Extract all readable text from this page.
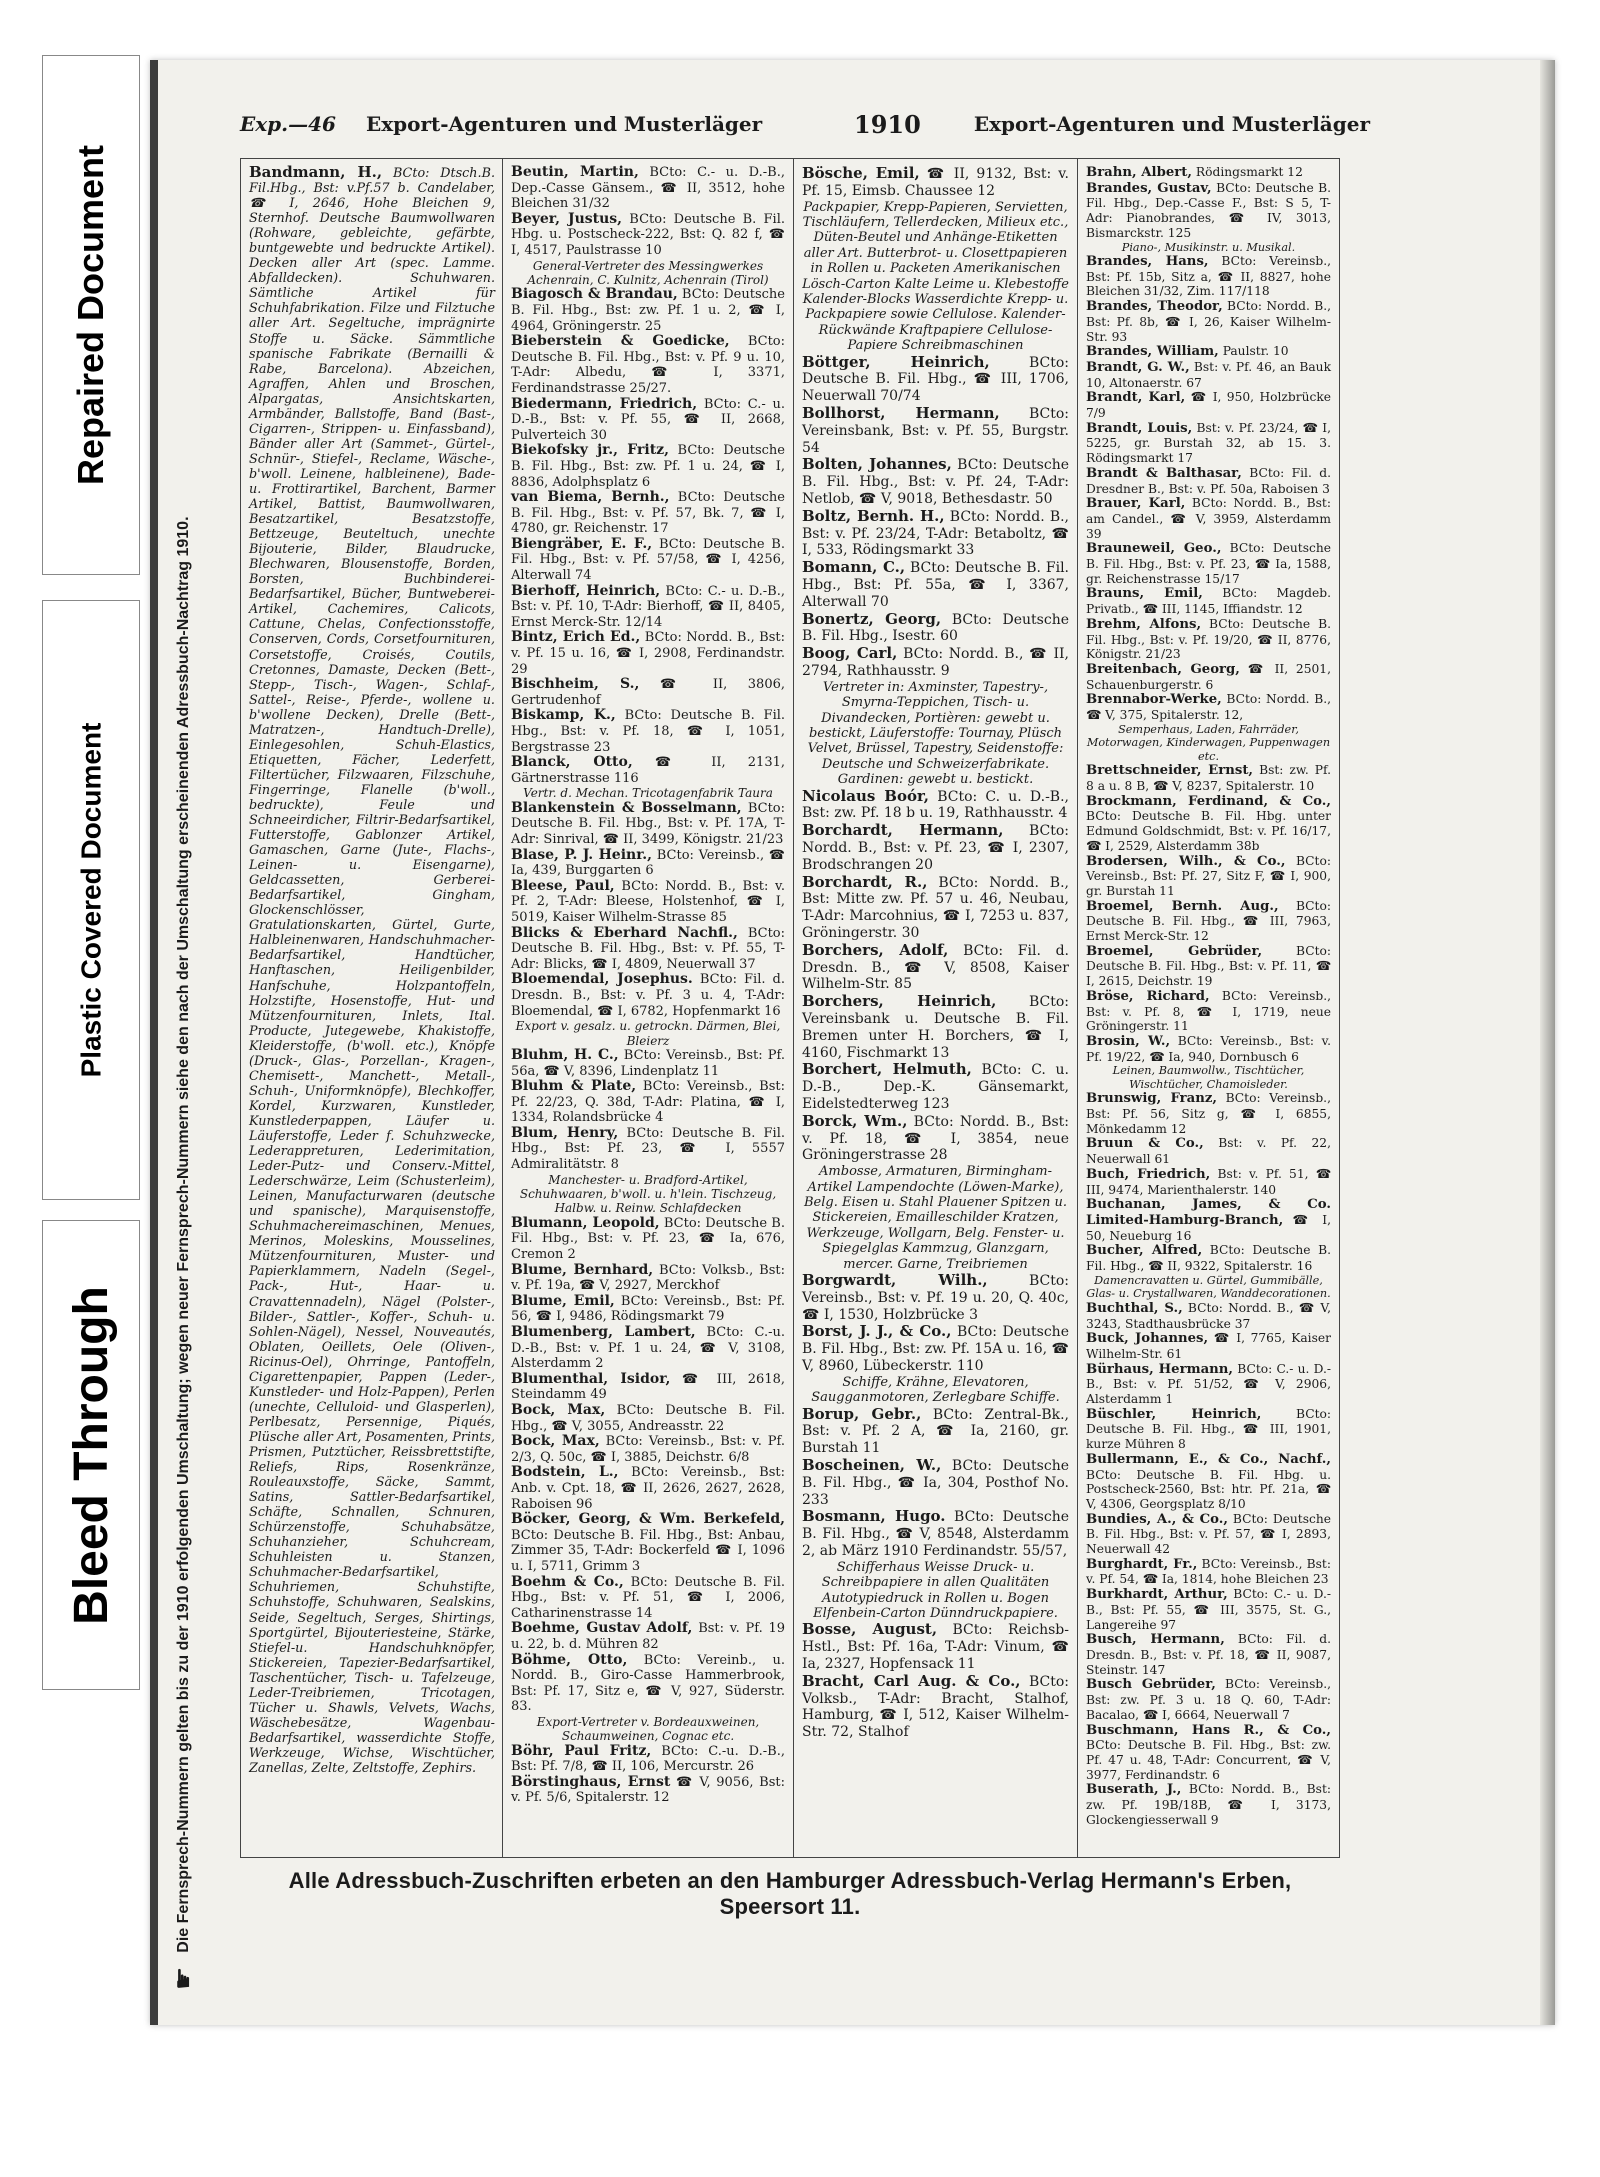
Repaired Document
Plastic Covered Document
Bleed Through
☛
Die Fernsprech-Nummern gelten bis zu der 1910 erfolgenden Umschaltung; wegen neuer Fernsprech-Nummern siehe den nach der Umschaltung erscheinenden Adressbuch-Nachtrag 1910.
Exp.—46 Export-Agenturen und Musterläger	1910	Export-Agenturen und Musterläger
Bandmann, H., BCto: Dtsch.B. Fil.Hbg., Bst: v.Pf.57 b. Candelaber, ☎ I, 2646, Hohe Bleichen 9, Sternhof. Deutsche Baumwollwaren (Rohware, gebleichte, gefärbte, buntgewebte und bedruckte Artikel). Decken aller Art (spec. Lamme. Abfalldecken). Schuhwaren. Sämtliche Artikel für Schuhfabrikation. Filze und Filztuche aller Art. Segeltuche, imprägnirte Stoffe u. Säcke. Sämmtliche spanische Fabrikate (Bernailli & Rabe, Barcelona). Abzeichen, Agraffen, Ahlen und Broschen, Alpargatas, Ansichtskarten, Armbänder, Ballstoffe, Band (Bast-, Cigarren-, Strippen- u. Einfassband), Bänder aller Art (Sammet-, Gürtel-, Schnür-, Stiefel-, Reclame, Wäsche-, b'woll. Leinene, halbleinene), Bade- u. Frottirartikel, Barchent, Barmer Artikel, Battist, Baumwollwaren, Besatzartikel, Besatzstoffe, Bettzeuge, Beuteltuch, unechte Bijouterie, Bilder, Blaudrucke, Blechwaren, Blousenstoffe, Borden, Borsten, Buchbinderei-Bedarfsartikel, Bücher, Buntweberei-Artikel, Cachemires, Calicots, Cattune, Chelas, Confectionsstoffe, Conserven, Cords, Corsetfournituren, Corsetstoffe, Croisés, Coutils, Cretonnes, Damaste, Decken (Bett-, Stepp-, Tisch-, Wagen-, Schlaf-, Sattel-, Reise-, Pferde-, wollene u. b'wollene Decken), Drelle (Bett-, Matratzen-, Handtuch-Drelle), Einlegesohlen, Schuh-Elastics, Etiquetten, Fächer, Lederfett, Filtertücher, Filzwaaren, Filzschuhe, Fingerringe, Flanelle (b'woll., bedruckte), Feule und Schneeirdicher, Filtrir-Bedarfsartikel, Futterstoffe, Gablonzer Artikel, Gamaschen, Garne (Jute-, Flachs-, Leinen- u. Eisengarne), Geldcassetten, Gerberei-Bedarfsartikel, Gingham, Glockenschlösser, Gratulationskarten, Gürtel, Gurte, Halbleinenwaren, Handschuhmacher-Bedarfsartikel, Handtücher, Hanftaschen, Heiligenbilder, Hanfschuhe, Holzpantoffeln, Holzstifte, Hosenstoffe, Hut- und Mützenfournituren, Inlets, Ital. Producte, Jutegewebe, Khakistoffe, Kleiderstoffe, (b'woll. etc.), Knöpfe (Druck-, Glas-, Porzellan-, Kragen-, Chemisett-, Manchett-, Metall-, Schuh-, Uniformknöpfe), Blechkoffer, Kordel, Kurzwaren, Kunstleder, Kunstlederpappen, Läufer u. Läuferstoffe, Leder f. Schuhzwecke, Lederappreturen, Lederimitation, Leder-Putz- und Conserv.-Mittel, Lederschwärze, Leim (Schusterleim), Leinen, Manufacturwaren (deutsche und spanische), Marquisenstoffe, Schuhmachereimaschinen, Menues, Merinos, Moleskins, Mousselines, Mützenfournituren, Muster- und Papierklammern, Nadeln (Segel-, Pack-, Hut-, Haar- u. Cravattennadeln), Nägel (Polster-, Bilder-, Sattler-, Koffer-, Schuh- u. Sohlen-Nägel), Nessel, Nouveautés, Oblaten, Oeillets, Oele (Oliven-, Ricinus-Oel), Ohrringe, Pantoffeln, Cigarettenpapier, Pappen (Leder-, Kunstleder- und Holz-Pappen), Perlen (unechte, Celluloid- und Glasperlen), Perlbesatz, Persennige, Piqués, Plüsche aller Art, Posamenten, Prints, Prismen, Putztücher, Reissbrettstifte, Reliefs, Rips, Rosenkränze, Rouleauxstoffe, Säcke, Sammt, Satins, Sattler-Bedarfsartikel, Schäfte, Schnallen, Schnuren, Schürzenstoffe, Schuhabsätze, Schuhanzieher, Schuhcream, Schuhleisten u. Stanzen, Schuhmacher-Bedarfsartikel, Schuhriemen, Schuhstifte, Schuhstoffe, Schuhwaren, Sealskins, Seide, Segeltuch, Serges, Shirtings, Sportgürtel, Bijouteriesteine, Stärke, Stiefel-u. Handschuhknöpfer, Stickereien, Tapezier-Bedarfsartikel, Taschentücher, Tisch- u. Tafelzeuge, Leder-Treibriemen, Tricotagen, Tücher u. Shawls, Velvets, Wachs, Wäschebesätze, Wagenbau-Bedarfsartikel, wasserdichte Stoffe, Werkzeuge, Wichse, Wischtücher, Zanellas, Zelte, Zeltstoffe, Zephirs.
Beutin, Martin, BCto: C.- u. D.-B., Dep.-Casse Gänsem., ☎ II, 3512, hohe Bleichen 31/32
Beyer, Justus, BCto: Deutsche B. Fil. Hbg. u. Postscheck-222, Bst: Q. 82 f, ☎ I, 4517, Paulstrasse 10
General-Vertreter des Messingwerkes Achenrain, C. Kulnitz, Achenrain (Tirol)
Biagosch & Brandau, BCto: Deutsche B. Fil. Hbg., Bst: zw. Pf. 1 u. 2, ☎ I, 4964, Gröningerstr. 25
Bieberstein & Goedicke, BCto: Deutsche B. Fil. Hbg., Bst: v. Pf. 9 u. 10, T-Adr: Albedu, ☎ I, 3371, Ferdinandstrasse 25/27.
Biedermann, Friedrich, BCto: C.- u. D.-B., Bst: v. Pf. 55, ☎ II, 2668, Pulverteich 30
Biekofsky jr., Fritz, BCto: Deutsche B. Fil. Hbg., Bst: zw. Pf. 1 u. 24, ☎ I, 8836, Adolphsplatz 6
van Biema, Bernh., BCto: Deutsche B. Fil. Hbg., Bst: v. Pf. 57, Bk. 7, ☎ I, 4780, gr. Reichenstr. 17
Biengräber, E. F., BCto: Deutsche B. Fil. Hbg., Bst: v. Pf. 57/58, ☎ I, 4256, Alterwall 74
Bierhoff, Heinrich, BCto: C.- u. D.-B., Bst: v. Pf. 10, T-Adr: Bierhoff, ☎ II, 8405, Ernst Merck-Str. 12/14
Bintz, Erich Ed., BCto: Nordd. B., Bst: v. Pf. 15 u. 16, ☎ I, 2908, Ferdinandstr. 29
Bischheim, S., ☎ II, 3806, Gertrudenhof
Biskamp, K., BCto: Deutsche B. Fil. Hbg., Bst: v. Pf. 18, ☎ I, 1051, Bergstrasse 23
Blanck, Otto, ☎ II, 2131, Gärtnerstrasse 116
Vertr. d. Mechan. Tricotagenfabrik Taura
Blankenstein & Bosselmann, BCto: Deutsche B. Fil. Hbg., Bst: v. Pf. 17A, T-Adr: Sinrival, ☎ II, 3499, Königstr. 21/23
Blase, P. J. Heinr., BCto: Vereinsb., ☎ Ia, 439, Burggarten 6
Bleese, Paul, BCto: Nordd. B., Bst: v. Pf. 2, T-Adr: Bleese, Holstenhof, ☎ I, 5019, Kaiser Wilhelm-Strasse 85
Blicks & Eberhard Nachfl., BCto: Deutsche B. Fil. Hbg., Bst: v. Pf. 55, T-Adr: Blicks, ☎ I, 4809, Neuerwall 37
Bloemendal, Josephus. BCto: Fil. d. Dresdn. B., Bst: v. Pf. 3 u. 4, T-Adr: Bloemendal, ☎ I, 6782, Hopfenmarkt 16
Export v. gesalz. u. getrockn. Därmen, Blei, Bleierz
Bluhm, H. C., BCto: Vereinsb., Bst: Pf. 56a, ☎ V, 8396, Lindenplatz 11
Bluhm & Plate, BCto: Vereinsb., Bst: Pf. 22/23, Q. 38d, T-Adr: Platina, ☎ I, 1334, Rolandsbrücke 4
Blum, Henry, BCto: Deutsche B. Fil. Hbg., Bst: Pf. 23, ☎ I, 5557 Admiralitätstr. 8
Manchester- u. Bradford-Artikel, Schuhwaaren, b'woll. u. h'lein. Tischzeug, Halbw. u. Reinw. Schlafdecken
Blumann, Leopold, BCto: Deutsche B. Fil. Hbg., Bst: v. Pf. 23, ☎ Ia, 676, Cremon 2
Blume, Bernhard, BCto: Volksb., Bst: v. Pf. 19a, ☎ V, 2927, Merckhof
Blume, Emil, BCto: Vereinsb., Bst: Pf. 56, ☎ I, 9486, Rödingsmarkt 79
Blumenberg, Lambert, BCto: C.-u. D.-B., Bst: v. Pf. 1 u. 24, ☎ V, 3108, Alsterdamm 2
Blumenthal, Isidor, ☎ III, 2618, Steindamm 49
Bock, Max, BCto: Deutsche B. Fil. Hbg., ☎ V, 3055, Andreasstr. 22
Bock, Max, BCto: Vereinsb., Bst: v. Pf. 2/3, Q. 50c, ☎ I, 3885, Deichstr. 6/8
Bodstein, L., BCto: Vereinsb., Bst: Anb. v. Cpt. 18, ☎ II, 2626, 2627, 2628, Raboisen 96
Böcker, Georg, & Wm. Berkefeld, BCto: Deutsche B. Fil. Hbg., Bst: Anbau, Zimmer 35, T-Adr: Bockerfeld ☎ I, 1096 u. I, 5711, Grimm 3
Boehm & Co., BCto: Deutsche B. Fil. Hbg., Bst: v. Pf. 51, ☎ I, 2006, Catharinenstrasse 14
Boehme, Gustav Adolf, Bst: v. Pf. 19 u. 22, b. d. Mühren 82
Böhme, Otto, BCto: Vereinb., u. Nordd. B., Giro-Casse Hammerbrook, Bst: Pf. 17, Sitz e, ☎ V, 927, Süderstr. 83.
Export-Vertreter v. Bordeauxweinen, Schaumweinen, Cognac etc.
Böhr, Paul Fritz, BCto: C.-u. D.-B., Bst: Pf. 7/8, ☎ II, 106, Mercurstr. 26
Börstinghaus, Ernst ☎ V, 9056, Bst: v. Pf. 5/6, Spitalerstr. 12
Bösche, Emil, ☎ II, 9132, Bst: v. Pf. 15, Eimsb. Chaussee 12
Packpapier, Krepp-Papieren, Servietten, Tischläufern, Tellerdecken, Milieux etc., Düten-Beutel und Anhänge-Etiketten aller Art. Butterbrot- u. Closettpapieren in Rollen u. Packeten Amerikanischen Lösch-Carton Kalte Leime u. Klebestoffe Kalender-Blocks Wasserdichte Krepp- u. Packpapiere sowie Cellulose. Kalender-Rückwände Kraftpapiere Cellulose-Papiere Schreibmaschinen
Böttger, Heinrich,	BCto: Deutsche B. Fil. Hbg., ☎ III, 1706, Neuerwall 70/74
Bollhorst, Hermann, BCto: Vereinsbank, Bst: v. Pf. 55, Burgstr. 54
Bolten, Johannes, BCto: Deutsche B. Fil. Hbg., Bst: v. Pf. 24, T-Adr: Netlob, ☎ V, 9018, Bethesdastr. 50
Boltz, Bernh. H., BCto: Nordd. B., Bst: v. Pf. 23/24, T-Adr: Betaboltz, ☎ I, 533, Rödingsmarkt 33
Bomann, C., BCto: Deutsche B. Fil. Hbg., Bst: Pf. 55a, ☎ I, 3367, Alterwall 70
Bonertz, Georg, BCto: Deutsche B. Fil. Hbg., Isestr. 60
Boog, Carl, BCto: Nordd. B., ☎ II, 2794, Rathhausstr. 9
Vertreter in: Axminster, Tapestry-, Smyrna-Teppichen, Tisch- u. Divandecken, Portièren: gewebt u. bestickt, Läuferstoffe: Tournay, Plüsch Velvet, Brüssel, Tapestry, Seidenstoffe: Deutsche und Schweizerfabrikate. Gardinen: gewebt u. bestickt.
Nicolaus Boór, BCto: C. u. D.-B., Bst: zw. Pf. 18 b u. 19, Rathhausstr. 4
Borchardt, Hermann, BCto: Nordd. B., Bst: v. Pf. 23, ☎ I, 2307, Brodschrangen 20
Borchardt, R., BCto: Nordd. B., Bst: Mitte zw. Pf. 57 u. 46, Neubau, T-Adr: Marcohnius, ☎ I, 7253 u. 837, Gröningerstr. 30
Borchers, Adolf, BCto: Fil. d. Dresdn. B., ☎ V, 8508, Kaiser Wilhelm-Str. 85
Borchers, Heinrich, BCto: Vereinsbank u. Deutsche B. Fil. Bremen unter H. Borchers, ☎ I, 4160, Fischmarkt 13
Borchert, Helmuth, BCto: C. u. D.-B., Dep.-K. Gänsemarkt, Eidelstedterweg 123
Borck, Wm., BCto: Nordd. B., Bst: v. Pf. 18, ☎ I, 3854, neue Gröningerstrasse 28
Ambosse, Armaturen, Birmingham-Artikel Lampendochte (Löwen-Marke), Belg. Eisen u. Stahl Plauener Spitzen u. Stickereien, Emailleschilder Kratzen, Werkzeuge, Wollgarn, Belg. Fenster- u. Spiegelglas Kammzug, Glanzgarn, mercer. Garne, Treibriemen
Borgwardt, Wilh.,	BCto: Vereinsb., Bst: v. Pf. 19 u. 20, Q. 40c, ☎ I, 1530, Holzbrücke 3
Borst, J. J., & Co., BCto: Deutsche B. Fil. Hbg., Bst: zw. Pf. 15A u. 16, ☎ V, 8960, Lübeckerstr. 110
Schiffe, Krähne, Elevatoren, Saugganmotoren, Zerlegbare Schiffe.
Borup, Gebr., BCto: Zentral-Bk., Bst: v. Pf. 2 A, ☎ Ia, 2160, gr. Burstah 11
Boscheinen, W., BCto: Deutsche B. Fil. Hbg., ☎ Ia, 304, Posthof No. 233
Bosmann, Hugo. BCto: Deutsche B. Fil. Hbg., ☎ V, 8548, Alsterdamm 2, ab März 1910 Ferdinandstr. 55/57,
Schifferhaus Weisse Druck- u. Schreibpapiere in allen Qualitäten Autotypiedruck in Rollen u. Bogen Elfenbein-Carton Dünndruckpapiere.
Bosse, August, BCto: Reichsb-Hstl., Bst: Pf. 16a, T-Adr: Vinum, ☎ Ia, 2327, Hopfensack 11
Bracht, Carl Aug. & Co., BCto: Volksb., T-Adr: Bracht, Stalhof, Hamburg, ☎ I, 512, Kaiser Wilhelm-Str. 72, Stalhof
Brahn, Albert, Rödingsmarkt 12
Brandes, Gustav, BCto: Deutsche B. Fil. Hbg., Dep.-Casse F., Bst: S 5, T-Adr: Pianobrandes, ☎ IV, 3013, Bismarckstr. 125
Piano-, Musikinstr. u. Musikal.
Brandes, Hans, BCto: Vereinsb., Bst: Pf. 15b, Sitz a, ☎ II, 8827, hohe Bleichen 31/32, Zim. 117/118
Brandes, Theodor, BCto: Nordd. B., Bst: Pf. 8b, ☎ I, 26, Kaiser Wilhelm-Str. 93
Brandes, William, Paulstr. 10
Brandt, G. W., Bst: v. Pf. 46, an Bauk 10, Altonaerstr. 67
Brandt, Karl, ☎ I, 950, Holzbrücke 7/9
Brandt, Louis, Bst: v. Pf. 23/24, ☎ I, 5225, gr. Burstah 32, ab 15. 3. Rödingsmarkt 17
Brandt & Balthasar, BCto: Fil. d. Dresdner B., Bst: v. Pf. 50a, Raboisen 3
Brauer, Karl, BCto: Nordd. B., Bst: am Candel., ☎ V, 3959, Alsterdamm 39
Brauneweil, Geo., BCto: Deutsche B. Fil. Hbg., Bst: v. Pf. 23, ☎ Ia, 1588, gr. Reichenstrasse 15/17
Brauns, Emil, BCto: Magdeb. Privatb., ☎ III, 1145, Iffiandstr. 12
Brehm, Alfons, BCto: Deutsche B. Fil. Hbg., Bst: v. Pf. 19/20, ☎ II, 8776, Königstr. 21/23
Breitenbach, Georg, ☎ II, 2501, Schauenburgerstr. 6
Brennabor-Werke, BCto: Nordd. B., ☎ V, 375, Spitalerstr. 12,
Semperhaus, Laden, Fahrräder, Motorwagen, Kinderwagen, Puppenwagen etc.
Brettschneider, Ernst, Bst: zw. Pf. 8 a u. 8 B, ☎ V, 8237, Spitalerstr. 10
Brockmann, Ferdinand, & Co., BCto: Deutsche B. Fil. Hbg. unter Edmund Goldschmidt, Bst: v. Pf. 16/17, ☎ I, 2529, Alsterdamm 38b
Brodersen, Wilh., & Co., BCto: Vereinsb., Bst: Pf. 27, Sitz F, ☎ I, 900, gr. Burstah 11
Broemel, Bernh. Aug., BCto: Deutsche B. Fil. Hbg., ☎ III, 7963, Ernst Merck-Str. 12
Broemel, Gebrüder,	BCto: Deutsche B. Fil. Hbg., Bst: v. Pf. 11, ☎ I, 2615, Deichstr. 19
Bröse, Richard, BCto: Vereinsb., Bst: v. Pf. 8, ☎ I, 1719, neue Gröningerstr. 11
Brosin, W., BCto: Vereinsb., Bst: v. Pf. 19/22, ☎ Ia, 940, Dornbusch 6
Leinen, Baumwollw., Tischtücher, Wischtücher, Chamoisleder.
Brunswig, Franz, BCto: Vereinsb., Bst: Pf. 56, Sitz g, ☎ I, 6855, Mönkedamm 12
Bruun & Co., Bst: v. Pf. 22, Neuerwall 61
Buch, Friedrich, Bst: v. Pf. 51, ☎ III, 9474, Marienthalerstr. 140
Buchanan, James, & Co. Limited-Hamburg-Branch, ☎ I, 50, Neueburg 16
Bucher, Alfred, BCto: Deutsche B. Fil. Hbg., ☎ II, 9322, Spitalerstr. 16
Damencravatten u. Gürtel, Gummibälle, Glas- u. Crystallwaren, Wanddecorationen.
Buchthal, S., BCto: Nordd. B., ☎ V, 3243, Stadthausbrücke 37
Buck, Johannes, ☎ I, 7765, Kaiser Wilhelm-Str. 61
Bürhaus, Hermann, BCto: C.- u. D.-B., Bst: v. Pf. 51/52, ☎ V, 2906, Alsterdamm 1
Büschler, Heinrich,	BCto: Deutsche B. Fil. Hbg., ☎ III, 1901, kurze Mühren 8
Bullermann, E., & Co., Nachf., BCto: Deutsche B. Fil. Hbg. u. Postscheck-2560, Bst: htr. Pf. 21a, ☎ V, 4306, Georgsplatz 8/10
Bundies, A., & Co., BCto: Deutsche B. Fil. Hbg., Bst: v. Pf. 57, ☎ I, 2893, Neuerwall 42
Burghardt, Fr., BCto: Vereinsb., Bst: v. Pf. 54, ☎ Ia, 1814, hohe Bleichen 23
Burkhardt, Arthur, BCto: C.- u. D.-B., Bst: Pf. 55, ☎ III, 3575, St. G., Langereihe 97
Busch, Hermann, BCto: Fil. d. Dresdn. B., Bst: v. Pf. 18, ☎ II, 9087, Steinstr. 147
Busch Gebrüder, BCto: Vereinsb., Bst: zw. Pf. 3 u. 18 Q. 60, T-Adr: Bacalao, ☎ I, 6664, Neuerwall 7
Buschmann, Hans R., & Co., BCto: Deutsche B. Fil. Hbg., Bst: zw. Pf. 47 u. 48, T-Adr: Concurrent, ☎ V, 3977, Ferdinandstr. 6
Buserath, J., BCto: Nordd. B., Bst: zw. Pf. 19B/18B, ☎ I, 3173, Glockengiesserwall 9
Alle Adressbuch-Zuschriften erbeten an den Hamburger Adressbuch-Verlag Hermann's Erben, Speersort 11.
